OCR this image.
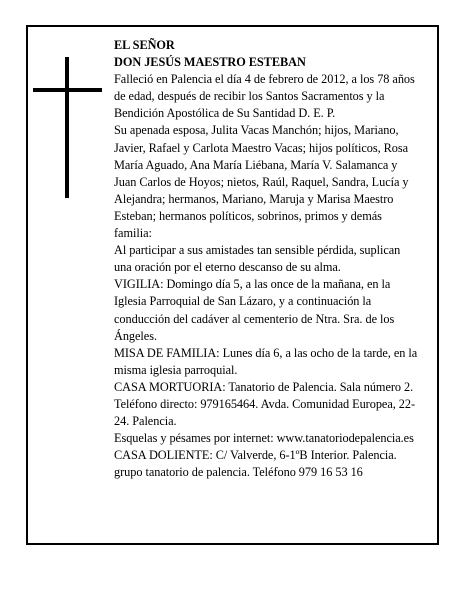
EL SEÑOR

DON JESÚS MAESTRO ESTEBAN

Falleció en Palencia el día 4 de febrero de 2012, a los 78 años de edad, después de recibir los Santos Sacramentos y la Bendición Apostólica de Su Santidad D. E. P.

Su apenada esposa, Julita Vacas Manchón; hijos, Mariano, Javier, Rafael y Carlota Maestro Vacas; hijos políticos, Rosa María Aguado, Ana María Liébana, María V. Salamanca y Juan Carlos de Hoyos; nietos, Raúl, Raquel, Sandra, Lucía y Alejandra; hermanos, Mariano, Maruja y Marisa Maestro Esteban; hermanos políticos, sobrinos, primos y demás familia:

Al participar a sus amistades tan sensible pérdida, suplican una oración por el eterno descanso de su alma.

VIGILIA: Domingo día 5, a las once de la mañana, en la Iglesia Parroquial de San Lázaro, y a continuación la conducción del cadáver al cementerio de Ntra. Sra. de los Ángeles.

MISA DE FAMILIA: Lunes día 6, a las ocho de la tarde, en la misma iglesia parroquial.

CASA MORTUORIA: Tanatorio de Palencia. Sala número 2. Teléfono directo: 979165464. Avda. Comunidad Europea, 22-24. Palencia.

Esquelas y pésames por internet: www.tanatoriodepalencia.es

CASA DOLIENTE: C/ Valverde, 6-1ºB Interior. Palencia.

grupo tanatorio de palencia. Teléfono 979 16 53 16
